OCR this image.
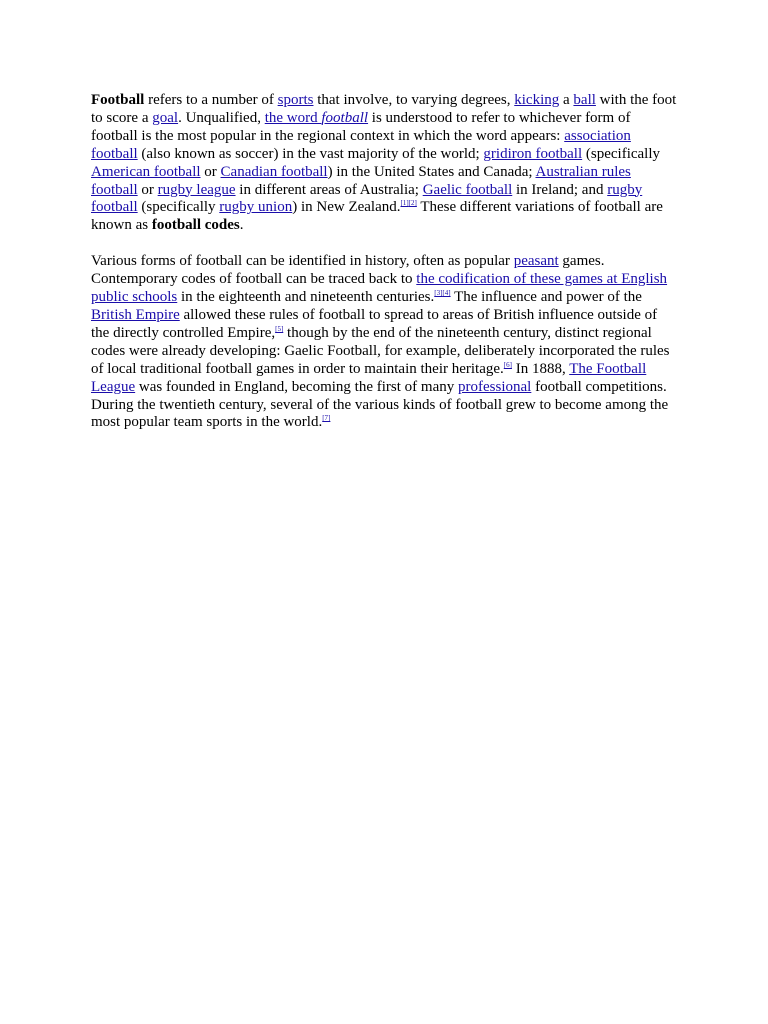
Football refers to a number of sports that involve, to varying degrees, kicking a ball with the foot to score a goal. Unqualified, the word football is understood to refer to whichever form of football is the most popular in the regional context in which the word appears: association football (also known as soccer) in the vast majority of the world; gridiron football (specifically American football or Canadian football) in the United States and Canada; Australian rules football or rugby league in different areas of Australia; Gaelic football in Ireland; and rugby football (specifically rugby union) in New Zealand.[1][2] These different variations of football are known as football codes.

Various forms of football can be identified in history, often as popular peasant games. Contemporary codes of football can be traced back to the codification of these games at English public schools in the eighteenth and nineteenth centuries.[3][4] The influence and power of the British Empire allowed these rules of football to spread to areas of British influence outside of the directly controlled Empire,[5] though by the end of the nineteenth century, distinct regional codes were already developing: Gaelic Football, for example, deliberately incorporated the rules of local traditional football games in order to maintain their heritage.[6] In 1888, The Football League was founded in England, becoming the first of many professional football competitions. During the twentieth century, several of the various kinds of football grew to become among the most popular team sports in the world.[7]
